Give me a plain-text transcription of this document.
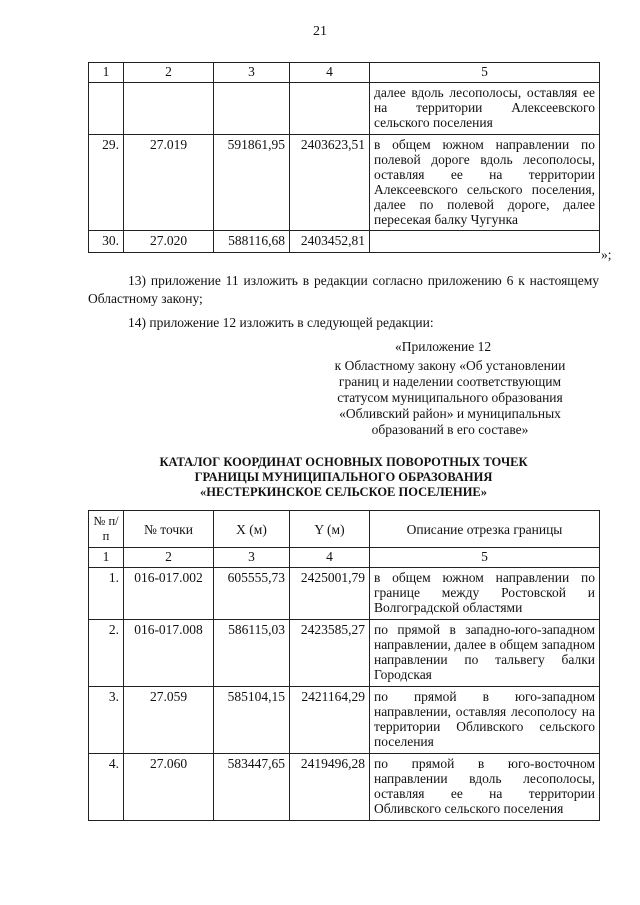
21
1	2	3	4	5
				далее вдоль лесополосы, оставляя ее на территории Алексеевского сельского поселения
29.	27.019	591861,95	2403623,51	в общем южном направлении по полевой дороге вдоль лесополосы, оставляя ее на территории Алексеевского сельского поселения, далее по полевой дороге, далее пересекая балку Чугунка
30.	27.020	588116,68	2403452,81	
»;
13) приложение 11 изложить в редакции согласно приложению 6 к настоящему Областному закону;
14) приложение 12 изложить в следующей редакции:
«Приложение 12
к Областному закону «Об установлении
границ и наделении соответствующим
статусом муниципального образования
«Обливский район» и муниципальных
образований в его составе»
КАТАЛОГ КООРДИНАТ ОСНОВНЫХ ПОВОРОТНЫХ ТОЧЕК
ГРАНИЦЫ МУНИЦИПАЛЬНОГО ОБРАЗОВАНИЯ
«НЕСТЕРКИНСКОЕ СЕЛЬСКОЕ ПОСЕЛЕНИЕ»
№ п/п	№ точки	X (м)	Y (м)	Описание отрезка границы
1	2	3	4	5
1.	016-017.002	605555,73	2425001,79	в общем южном направлении по границе между Ростовской и Волгоградской областями
2.	016-017.008	586115,03	2423585,27	по прямой в западно-юго-западном направлении, далее в общем западном направлении по тальвегу балки Городская
3.	27.059	585104,15	2421164,29	по прямой в юго-западном направлении, оставляя лесополосу на территории Обливского сельского поселения
4.	27.060	583447,65	2419496,28	по прямой в юго-восточном направлении вдоль лесополосы, оставляя ее на территории Обливского сельского поселения
